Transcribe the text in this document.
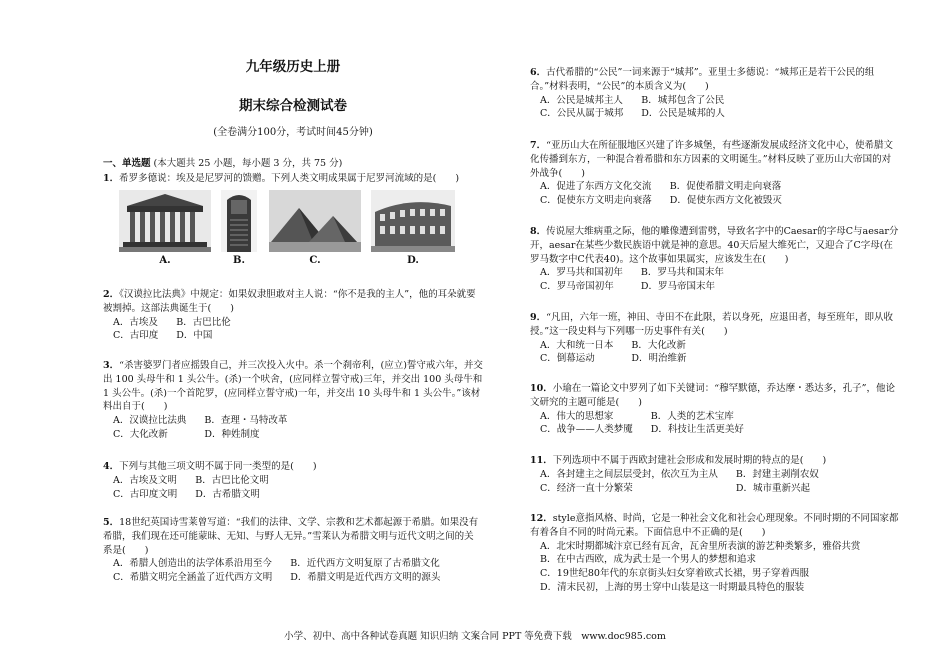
九年级历史上册
期末综合检测试卷
(全卷满分100分，考试时间45分钟)
一、单选题 (本大题共 25 小题，每小题 3 分，共 75 分)
1．希罗多德说：埃及是尼罗河的馈赠。下列人类文明成果属于尼罗河流域的是(　　)
A.	B.	C.	D.
2．《汉谟拉比法典》中规定：如果奴隶胆敢对主人说：“你不是我的主人”，他的耳朵就要被割掉。这部法典诞生于(　　)
A．古埃及 B．古巴比伦
C．古印度 D．中国
3．“杀害婆罗门者应摇毁自己，并三次投入火中。杀一个刹帝利，(应立)誓守戒六年，并交出 100 头母牛和 1 头公牛。(杀)一个吠舍，(应同样立誓守戒)三年，并交出 100 头母牛和 1 头公牛。(杀)一个首陀罗，(应同样立誓守戒)一年，并交出 10 头母牛和 1 头公牛。”该材料出自于(　　)
A．汉谟拉比法典 B．查理・马特改革
C．大化改新	D．种姓制度
4．下列与其他三项文明不属于同一类型的是(　　)
A．古埃及文明 B．古巴比伦文明
C．古印度文明 D．古希腊文明
5．18世纪英国诗雪莱曾写道：“我们的法律、文学、宗教和艺术都起源于希腊。如果没有希腊，我们现在还可能蒙昧、无知、与野人无异。”雪莱认为希腊文明与近代文明之间的关系是(　　)
A．希腊人创造出的法学体系沿用至今 B．近代西方文明复原了古希腊文化
C．希腊文明完全涵盖了近代西方文明 D．希腊文明是近代西方文明的源头
6．古代希腊的“公民”一词来源于“城邦”。亚里士多德说：“城邦正是若干公民的组合。”材料表明，“公民”的本质含义为(　　)
A．公民是城邦主人 B．城邦包含了公民
C．公民从属于城邦 D．公民是城邦的人
7．“亚历山大在所征服地区兴建了许多城堡，有些逐渐发展成经济文化中心，使希腊文化传播到东方，一种混合着希腊和东方因素的文明诞生。”材料反映了亚历山大帝国的对外战争(　　)
A．促进了东西方文化交流 B．促使希腊文明走向衰落
C．促使东方文明走向衰落 D．促使东西方文化被毁灭
8．传说屋大维病重之际，他的雕像遭到雷劈，导致名字中的Caesar的字母C与aesar分开，aesar在某些少数民族语中就是神的意思。40天后屋大维死亡，又迎合了C字母(在罗马数字中C代表40)。这个故事如果属实，应该发生在(　　)
A．罗马共和国初年 B．罗马共和国末年
C．罗马帝国初年	D．罗马帝国末年
9．“凡田，六年一班，神田、寺田不在此限，若以身死，应退田者，每至班年，即从收授。”这一段史料与下列哪一历史事件有关(　　)
A．大和统一日本 B．大化改新
C．倒幕运动	D．明治维新
10．小瑜在一篇论文中罗列了如下关键词：“穆罕默德，乔达摩・悉达多，孔子”，他论文研究的主题可能是(　　)
A．伟大的思想家	B．人类的艺术宝库
C．战争——人类梦魇 D．科技让生活更美好
11．下列选项中不属于西欧封建社会形成和发展时期的特点的是(　　)
A．各封建主之间层层受封，依次互为主从 B．封建主剥削农奴
C．经济一直十分繁荣	D．城市重新兴起
12．style意指风格、时尚，它是一种社会文化和社会心理现象。不同时期的不同国家都有着各自不同的时尚元素。下面信息中不正确的是(　　)
A．北宋时期都城汴京已经有瓦舍，瓦舍里所表演的游艺种类繁多，雅俗共赏
B．在中古西欧，成为武士是一个男人的梦想和追求
C．19世纪80年代的东京街头妇女穿着欧式长裙，男子穿着西服
D．清末民初，上海的男士穿中山装是这一时期最具特色的服装
小学、初中、高中各种试卷真题 知识归纳 文案合同 PPT 等免费下载　www.doc985.com
